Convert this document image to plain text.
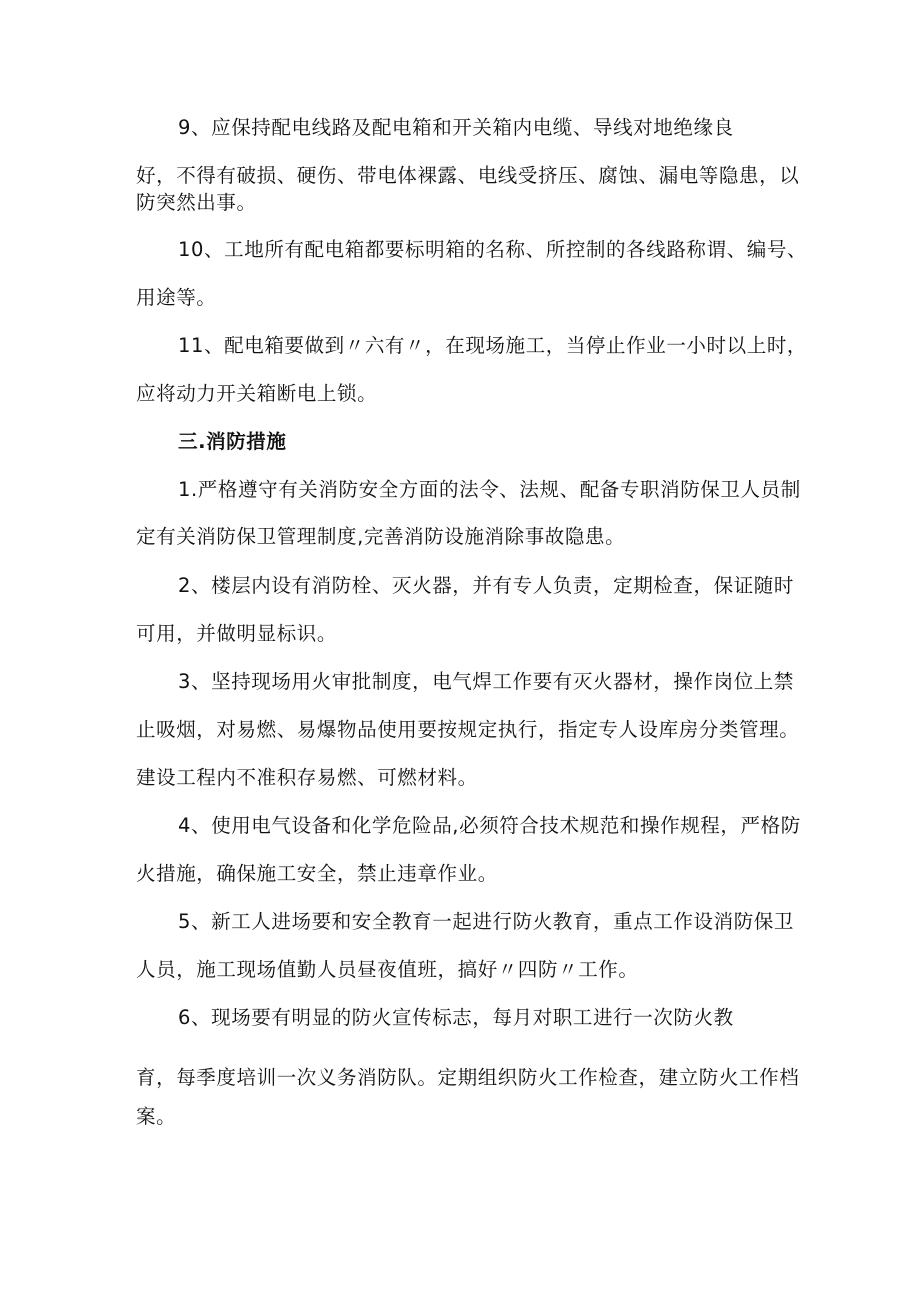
9、应保持配电线路及配电箱和开关箱内电缆、导线对地绝缘良
好，不得有破损、硬伤、带电体裸露、电线受挤压、腐蚀、漏电等隐患，以
防突然出事。
10、工地所有配电箱都要标明箱的名称、所控制的各线路称谓、编号、
用途等。
11、配电箱要做到〃六有〃，在现场施工，当停止作业一小时以上时，
应将动力开关箱断电上锁。
三.消防措施
1.严格遵守有关消防安全方面的法令、法规、配备专职消防保卫人员制
定有关消防保卫管理制度,完善消防设施消除事故隐患。
2、楼层内设有消防栓、灭火器，并有专人负责，定期检查，保证随时
可用，并做明显标识。
3、坚持现场用火审批制度，电气焊工作要有灭火器材，操作岗位上禁
止吸烟，对易燃、易爆物品使用要按规定执行，指定专人设库房分类管理。
建设工程内不准积存易燃、可燃材料。
4、使用电气设备和化学危险品,必须符合技术规范和操作规程，严格防
火措施，确保施工安全，禁止违章作业。
5、新工人进场要和安全教育一起进行防火教育，重点工作设消防保卫
人员，施工现场值勤人员昼夜值班，搞好〃四防〃工作。
6、现场要有明显的防火宣传标志，每月对职工进行一次防火教
育，每季度培训一次义务消防队。定期组织防火工作检查，建立防火工作档
案。
